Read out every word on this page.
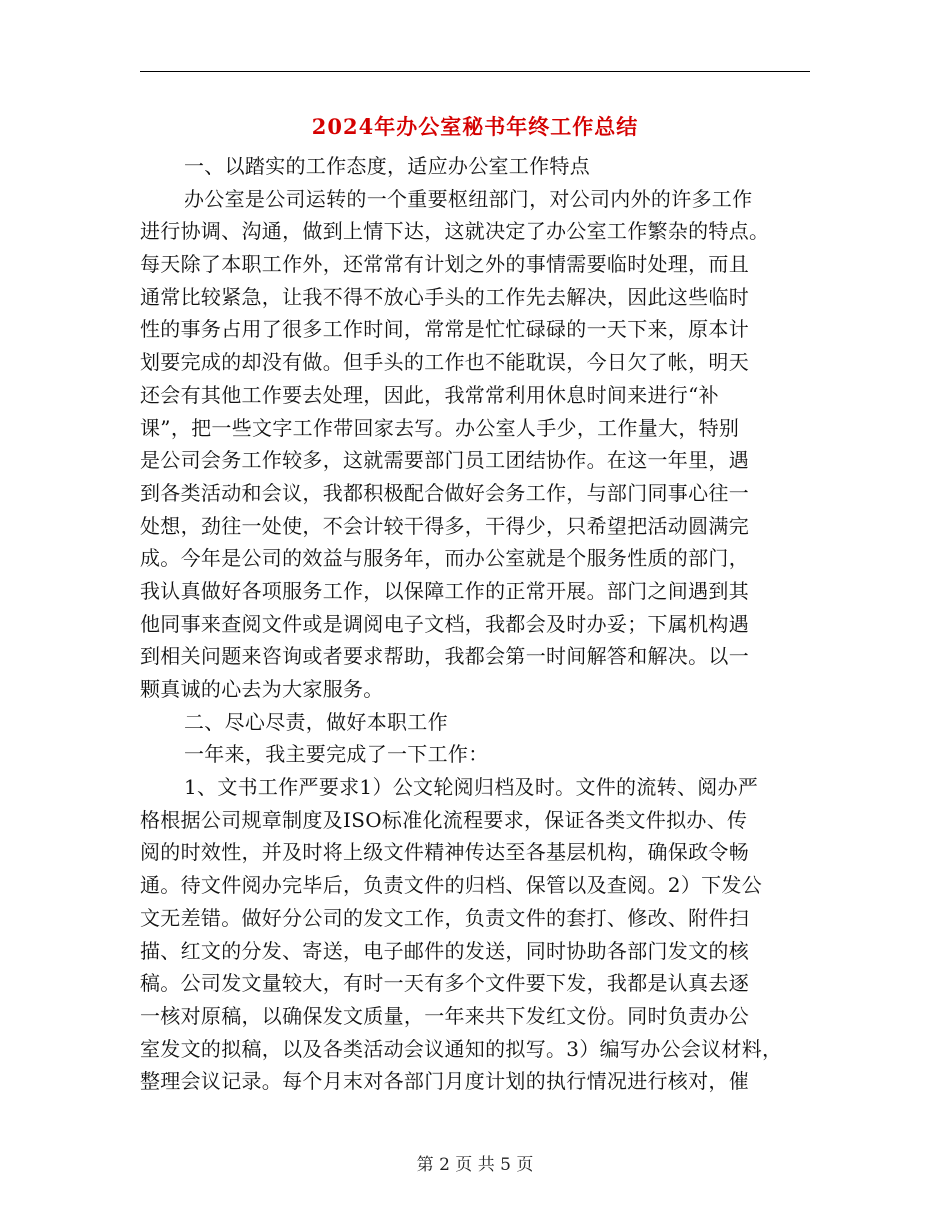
2024年办公室秘书年终工作总结
一、以踏实的工作态度，适应办公室工作特点
办公室是公司运转的一个重要枢纽部门，对公司内外的许多工作
进行协调、沟通，做到上情下达，这就决定了办公室工作繁杂的特点。
每天除了本职工作外，还常常有计划之外的事情需要临时处理，而且
通常比较紧急，让我不得不放心手头的工作先去解决，因此这些临时
性的事务占用了很多工作时间，常常是忙忙碌碌的一天下来，原本计
划要完成的却没有做。但手头的工作也不能耽误，今日欠了帐，明天
还会有其他工作要去处理，因此，我常常利用休息时间来进行“补
课”，把一些文字工作带回家去写。办公室人手少，工作量大，特别
是公司会务工作较多，这就需要部门员工团结协作。在这一年里，遇
到各类活动和会议，我都积极配合做好会务工作，与部门同事心往一
处想，劲往一处使，不会计较干得多，干得少，只希望把活动圆满完
成。今年是公司的效益与服务年，而办公室就是个服务性质的部门，
我认真做好各项服务工作，以保障工作的正常开展。部门之间遇到其
他同事来查阅文件或是调阅电子文档，我都会及时办妥；下属机构遇
到相关问题来咨询或者要求帮助，我都会第一时间解答和解决。以一
颗真诚的心去为大家服务。
二、尽心尽责，做好本职工作
一年来，我主要完成了一下工作：
1、文书工作严要求1）公文轮阅归档及时。文件的流转、阅办严
格根据公司规章制度及ISO标准化流程要求，保证各类文件拟办、传
阅的时效性，并及时将上级文件精神传达至各基层机构，确保政令畅
通。待文件阅办完毕后，负责文件的归档、保管以及查阅。2）下发公
文无差错。做好分公司的发文工作，负责文件的套打、修改、附件扫
描、红文的分发、寄送，电子邮件的发送，同时协助各部门发文的核
稿。公司发文量较大，有时一天有多个文件要下发，我都是认真去逐
一核对原稿，以确保发文质量，一年来共下发红文份。同时负责办公
室发文的拟稿，以及各类活动会议通知的拟写。3）编写办公会议材料，
整理会议记录。每个月末对各部门月度计划的执行情况进行核对，催
第 2 页 共 5 页
